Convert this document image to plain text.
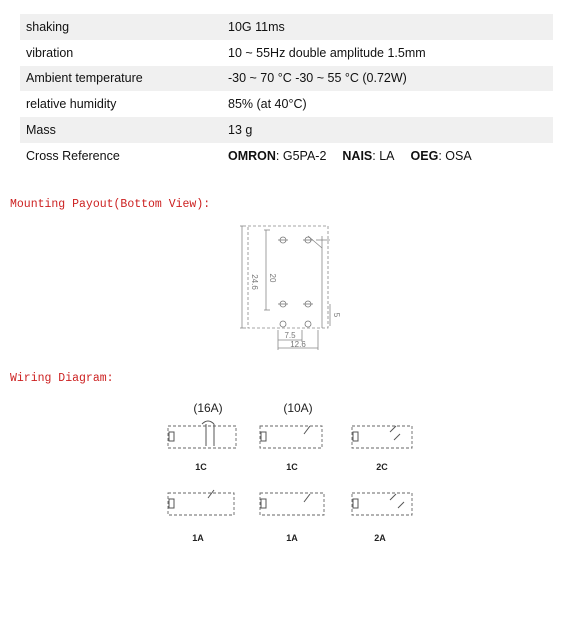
shaking	10G 11ms
vibration	10 ~ 55Hz double amplitude 1.5mm
Ambient temperature	-30 ~ 70 °C -30 ~ 55 °C (0.72W)
relative humidity	85% (at 40°C)
Mass	13 g
Cross Reference	OMRON: G5PA-2 NAIS: LA OEG: OSA
Mounting Payout(Bottom View):
24.6 20
5
7.5
12.6
Wiring Diagram:
(16A)	(10A)
1C	1C	2C
1A	1A	2A
